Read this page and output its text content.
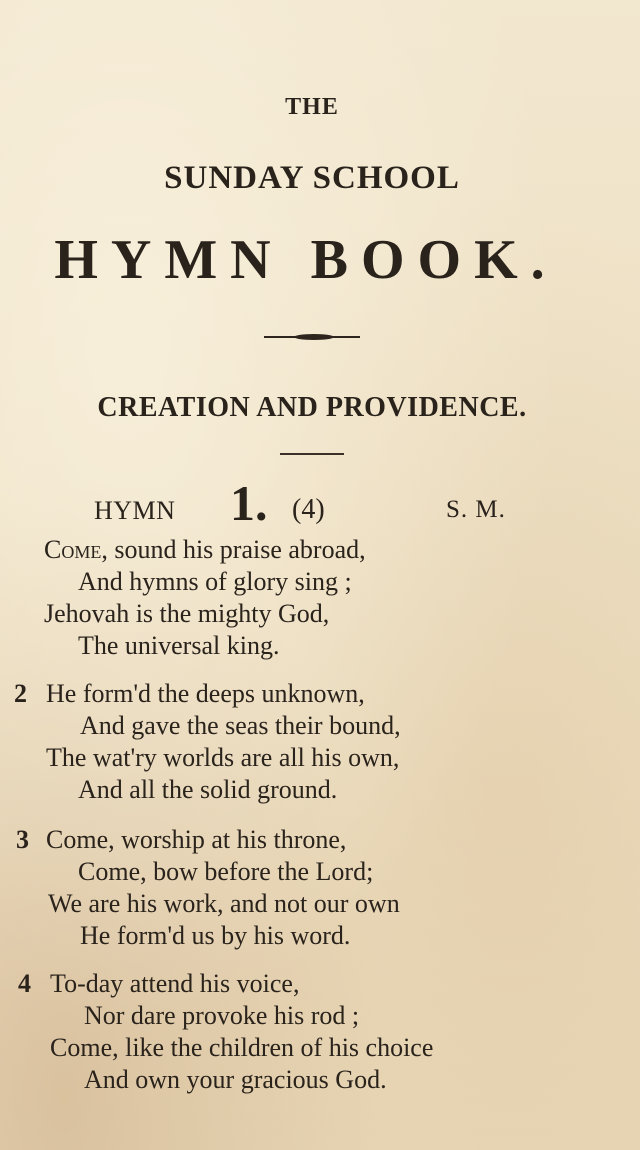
THE
SUNDAY SCHOOL
HYMN BOOK.
CREATION AND PROVIDENCE.
HYMN 1. (4)	S. M.
Come, sound his praise abroad,
And hymns of glory sing ;
Jehovah is the mighty God,
The universal king.
2 He form'd the deeps unknown,
And gave the seas their bound,
The wat'ry worlds are all his own,
And all the solid ground.
3 Come, worship at his throne,
Come, bow before the Lord;
We are his work, and not our own
He form'd us by his word.
4 To-day attend his voice,
Nor dare provoke his rod ;
Come, like the children of his choice
And own your gracious God.
